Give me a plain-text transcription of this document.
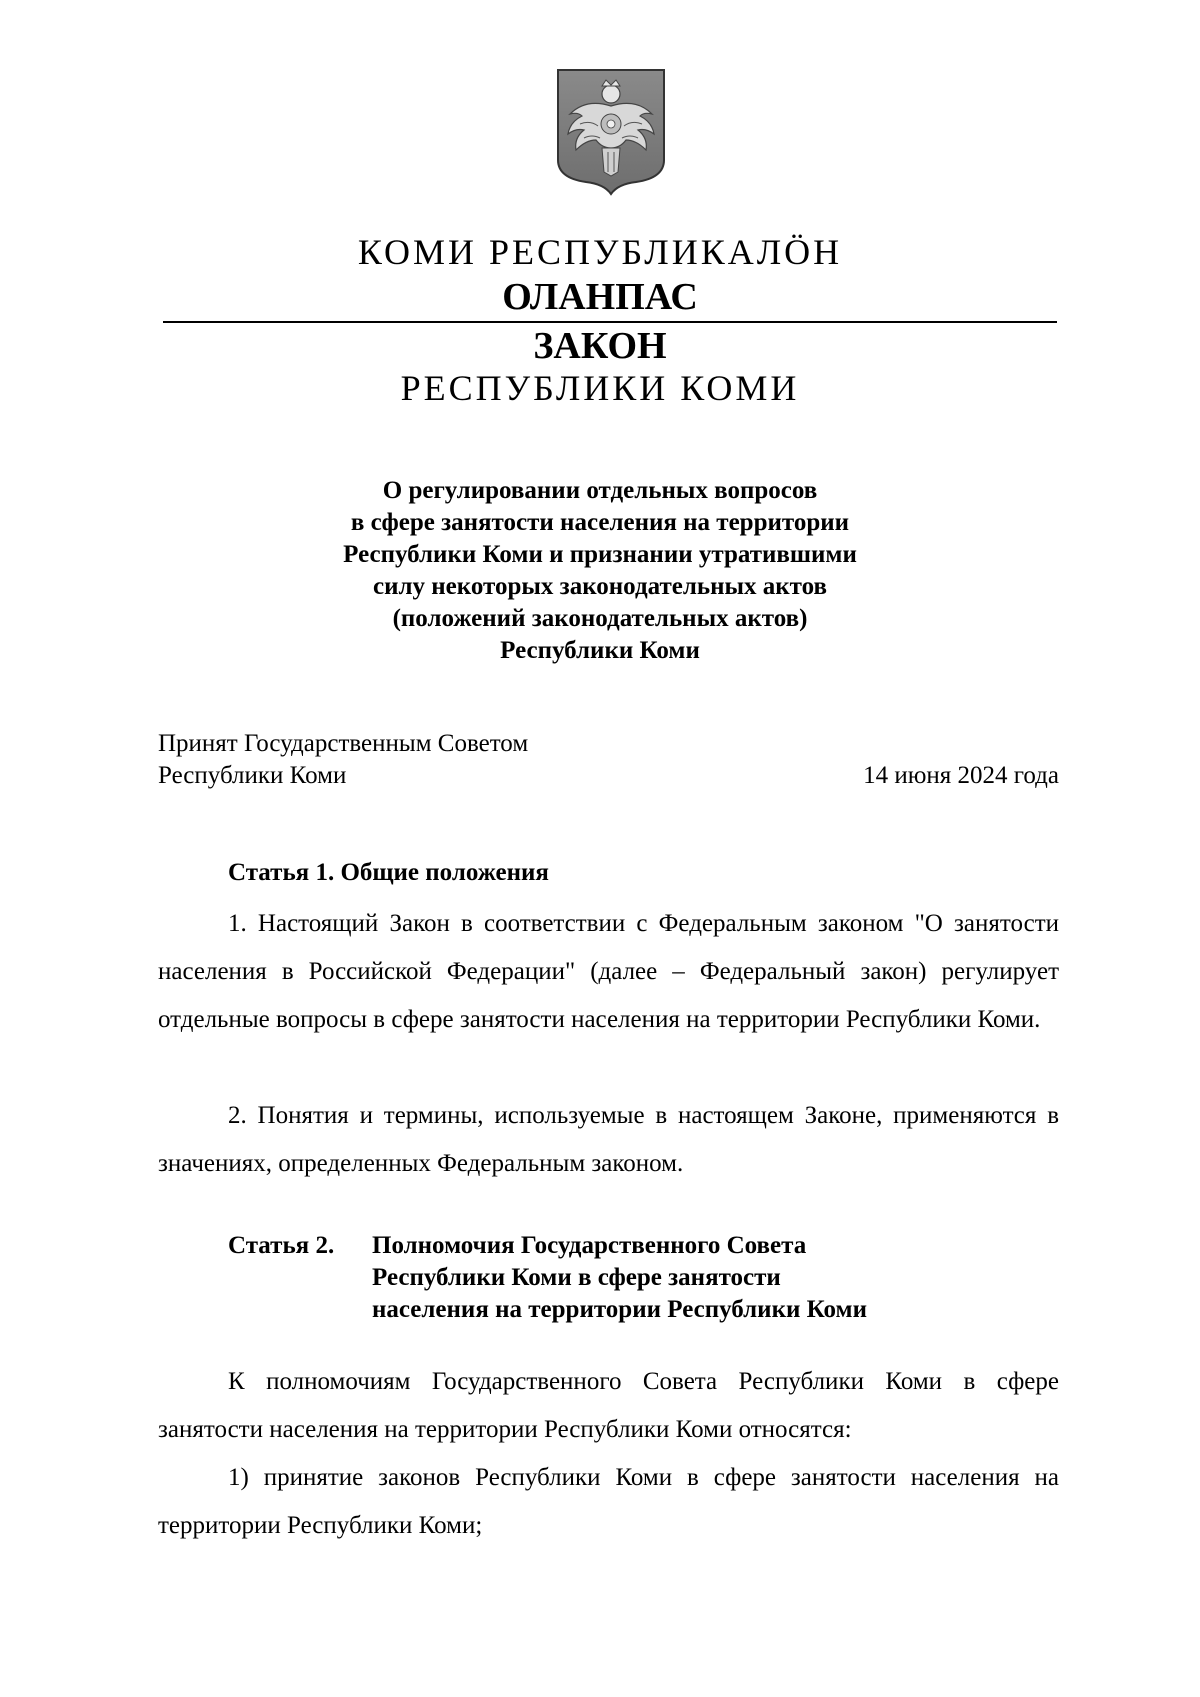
КОМИ РЕСПУБЛИКАЛӦН
ОЛАНПАС
ЗАКОН
РЕСПУБЛИКИ КОМИ
О регулировании отдельных вопросов
в сфере занятости населения на территории
Республики Коми и признании утратившими
силу некоторых законодательных актов
(положений законодательных актов)
Республики Коми
Принят Государственным Советом
Республики Коми	14 июня 2024 года
Статья 1. Общие положения
1. Настоящий Закон в соответствии с Федеральным законом "О занятости населения в Российской Федерации" (далее – Федеральный закон) регулирует отдельные вопросы в сфере занятости населения на территории Республики Коми.
2. Понятия и термины, используемые в настоящем Законе, применяются в значениях, определенных Федеральным законом.
Статья 2.	Полномочия Государственного Совета
Республики Коми в сфере занятости
населения на территории Республики Коми
К полномочиям Государственного Совета Республики Коми в сфере занятости населения на территории Республики Коми относятся:
1) принятие законов Республики Коми в сфере занятости населения на территории Республики Коми;
